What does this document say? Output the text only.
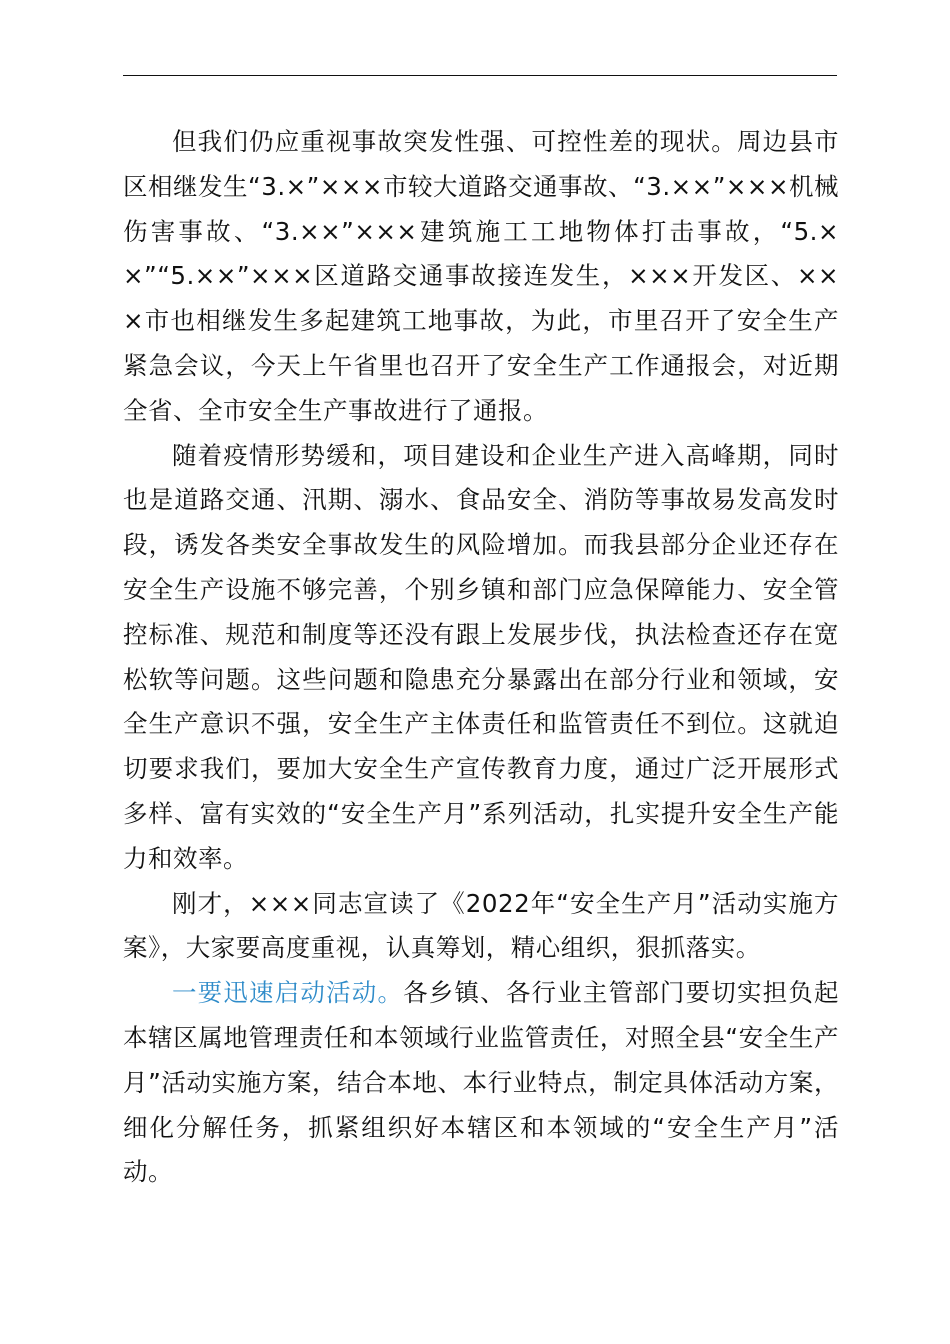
但我们仍应重视事故突发性强、可控性差的现状。周边县市区相继发生“3.×”×××市较大道路交通事故、“3.××”×××机械伤害事故、“3.××”×××建筑施工工地物体打击事故，“5.××”“5.××”×××区道路交通事故接连发生，×××开发区、×××市也相继发生多起建筑工地事故，为此，市里召开了安全生产紧急会议，今天上午省里也召开了安全生产工作通报会，对近期全省、全市安全生产事故进行了通报。

随着疫情形势缓和，项目建设和企业生产进入高峰期，同时也是道路交通、汛期、溺水、食品安全、消防等事故易发高发时段，诱发各类安全事故发生的风险增加。而我县部分企业还存在安全生产设施不够完善，个别乡镇和部门应急保障能力、安全管控标准、规范和制度等还没有跟上发展步伐，执法检查还存在宽松软等问题。这些问题和隐患充分暴露出在部分行业和领域，安全生产意识不强，安全生产主体责任和监管责任不到位。这就迫切要求我们，要加大安全生产宣传教育力度，通过广泛开展形式多样、富有实效的“安全生产月”系列活动，扎实提升安全生产能力和效率。

刚才，×××同志宣读了《2022年“安全生产月”活动实施方案》，大家要高度重视，认真筹划，精心组织，狠抓落实。

一要迅速启动活动。各乡镇、各行业主管部门要切实担负起本辖区属地管理责任和本领域行业监管责任，对照全县“安全生产月”活动实施方案，结合本地、本行业特点，制定具体活动方案，细化分解任务，抓紧组织好本辖区和本领域的“安全生产月”活动。
